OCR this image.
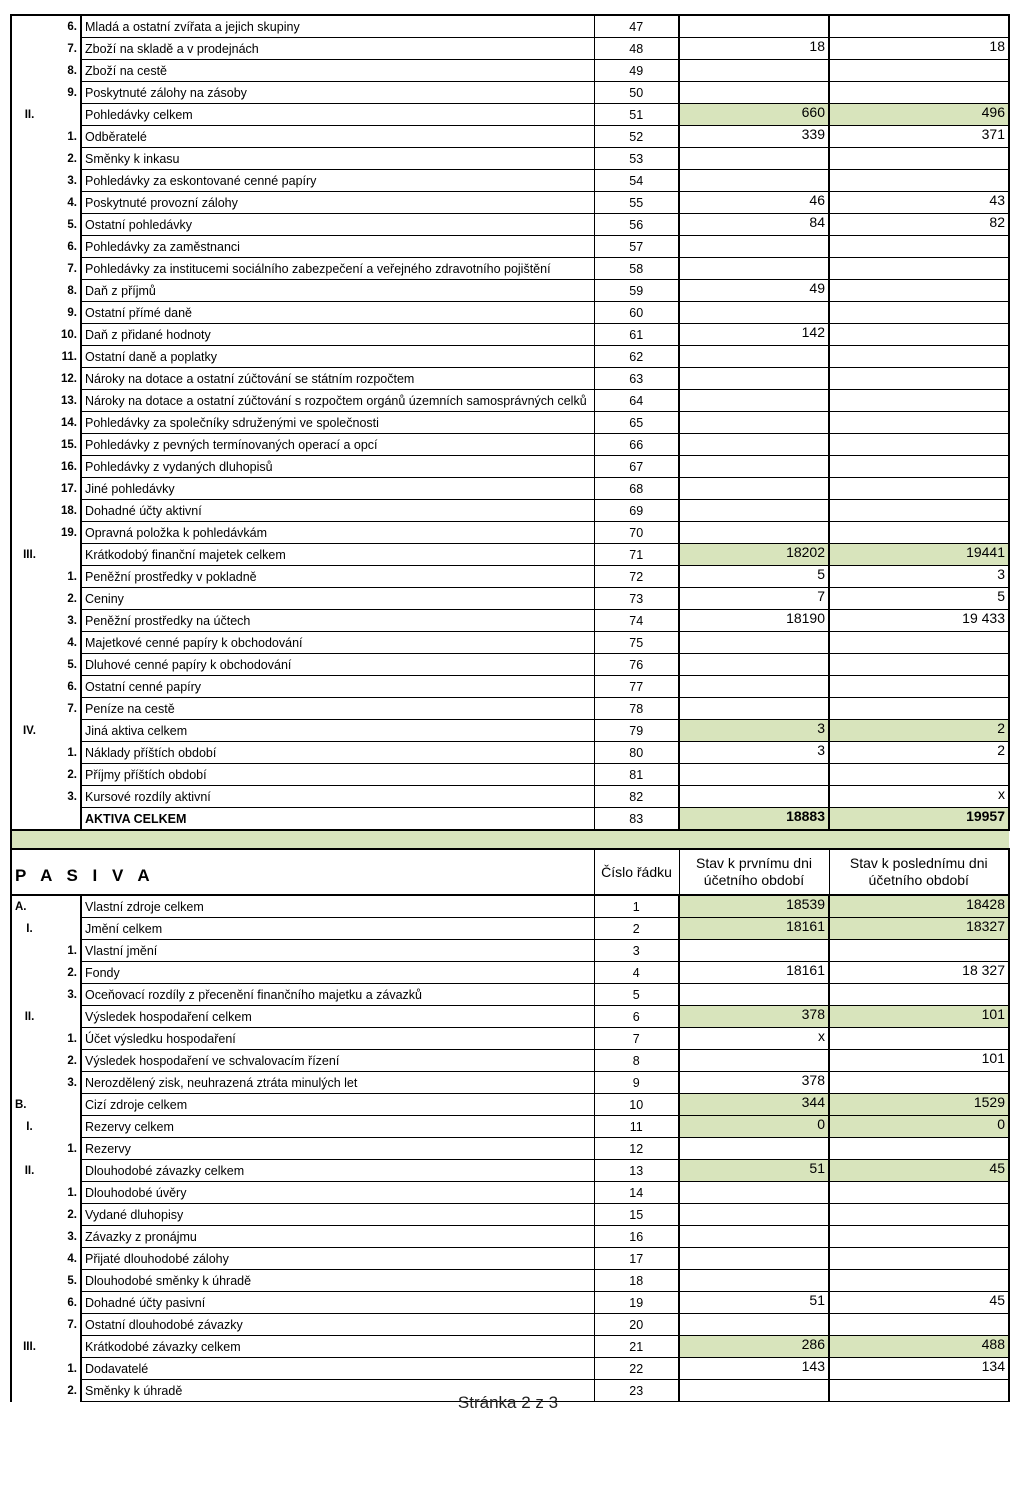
	6.	Mladá a ostatní zvířata a jejich skupiny	47		
	7.	Zboží na skladě a v prodejnách	48	18	18
	8.	Zboží na cestě	49		
	9.	Poskytnuté zálohy na zásoby	50		
II.		Pohledávky celkem	51	660	496
	1.	Odběratelé	52	339	371
	2.	Směnky k inkasu	53		
	3.	Pohledávky za eskontované cenné papíry	54		
	4.	Poskytnuté provozní zálohy	55	46	43
	5.	Ostatní pohledávky	56	84	82
	6.	Pohledávky za zaměstnanci	57		
	7.	Pohledávky za institucemi sociálního zabezpečení a veřejného zdravotního pojištění	58		
	8.	Daň z příjmů	59	49	
	9.	Ostatní přímé daně	60		
	10.	Daň z přidané hodnoty	61	142	
	11.	Ostatní daně a poplatky	62		
	12.	Nároky na dotace a ostatní zúčtování se státním rozpočtem	63		
	13.	Nároky na dotace a ostatní zúčtování s rozpočtem orgánů územních samosprávných celků	64		
	14.	Pohledávky za společníky sdruženými ve společnosti	65		
	15.	Pohledávky z pevných termínovaných operací a opcí	66		
	16.	Pohledávky z vydaných dluhopisů	67		
	17.	Jiné pohledávky	68		
	18.	Dohadné účty aktivní	69		
	19.	Opravná položka k pohledávkám	70		
III.		Krátkodobý finanční majetek celkem	71	18202	19441
	1.	Peněžní prostředky v pokladně	72	5	3
	2.	Ceniny	73	7	5
	3.	Peněžní prostředky na účtech	74	18190	19 433
	4.	Majetkové cenné papíry k obchodování	75		
	5.	Dluhové cenné papíry k obchodování	76		
	6.	Ostatní cenné papíry	77		
	7.	Peníze na cestě	78		
IV.		Jiná aktiva celkem	79	3	2
	1.	Náklady příštích období	80	3	2
	2.	Příjmy příštích období	81		
	3.	Kursové rozdíly aktivní	82		x
		AKTIVA CELKEM	83	18883	19957

P A S I V A			Číslo řádku	Stav k prvnímu dni účetního období	Stav k poslednímu dni účetního období
A.		Vlastní zdroje celkem	1	18539	18428
I.		Jmění celkem	2	18161	18327
	1.	Vlastní jmění	3		
	2.	Fondy	4	18161	18 327
	3.	Oceňovací rozdíly z přecenění finančního majetku a závazků	5		
II.		Výsledek hospodaření celkem	6	378	101
	1.	Účet výsledku hospodaření	7	x	
	2.	Výsledek hospodaření ve schvalovacím řízení	8		101
	3.	Nerozdělený zisk, neuhrazená ztráta minulých let	9	378	
B.		Cizí zdroje celkem	10	344	1529
I.		Rezervy celkem	11	0	0
	1.	Rezervy	12		
II.		Dlouhodobé závazky celkem	13	51	45
	1.	Dlouhodobé úvěry	14		
	2.	Vydané dluhopisy	15		
	3.	Závazky z pronájmu	16		
	4.	Přijaté dlouhodobé zálohy	17		
	5.	Dlouhodobé směnky k úhradě	18		
	6.	Dohadné účty pasivní	19	51	45
	7.	Ostatní dlouhodobé závazky	20		
III.		Krátkodobé závazky celkem	21	286	488
	1.	Dodavatelé	22	143	134
	2.	Směnky k úhradě	23		
Stránka 2 z 3
